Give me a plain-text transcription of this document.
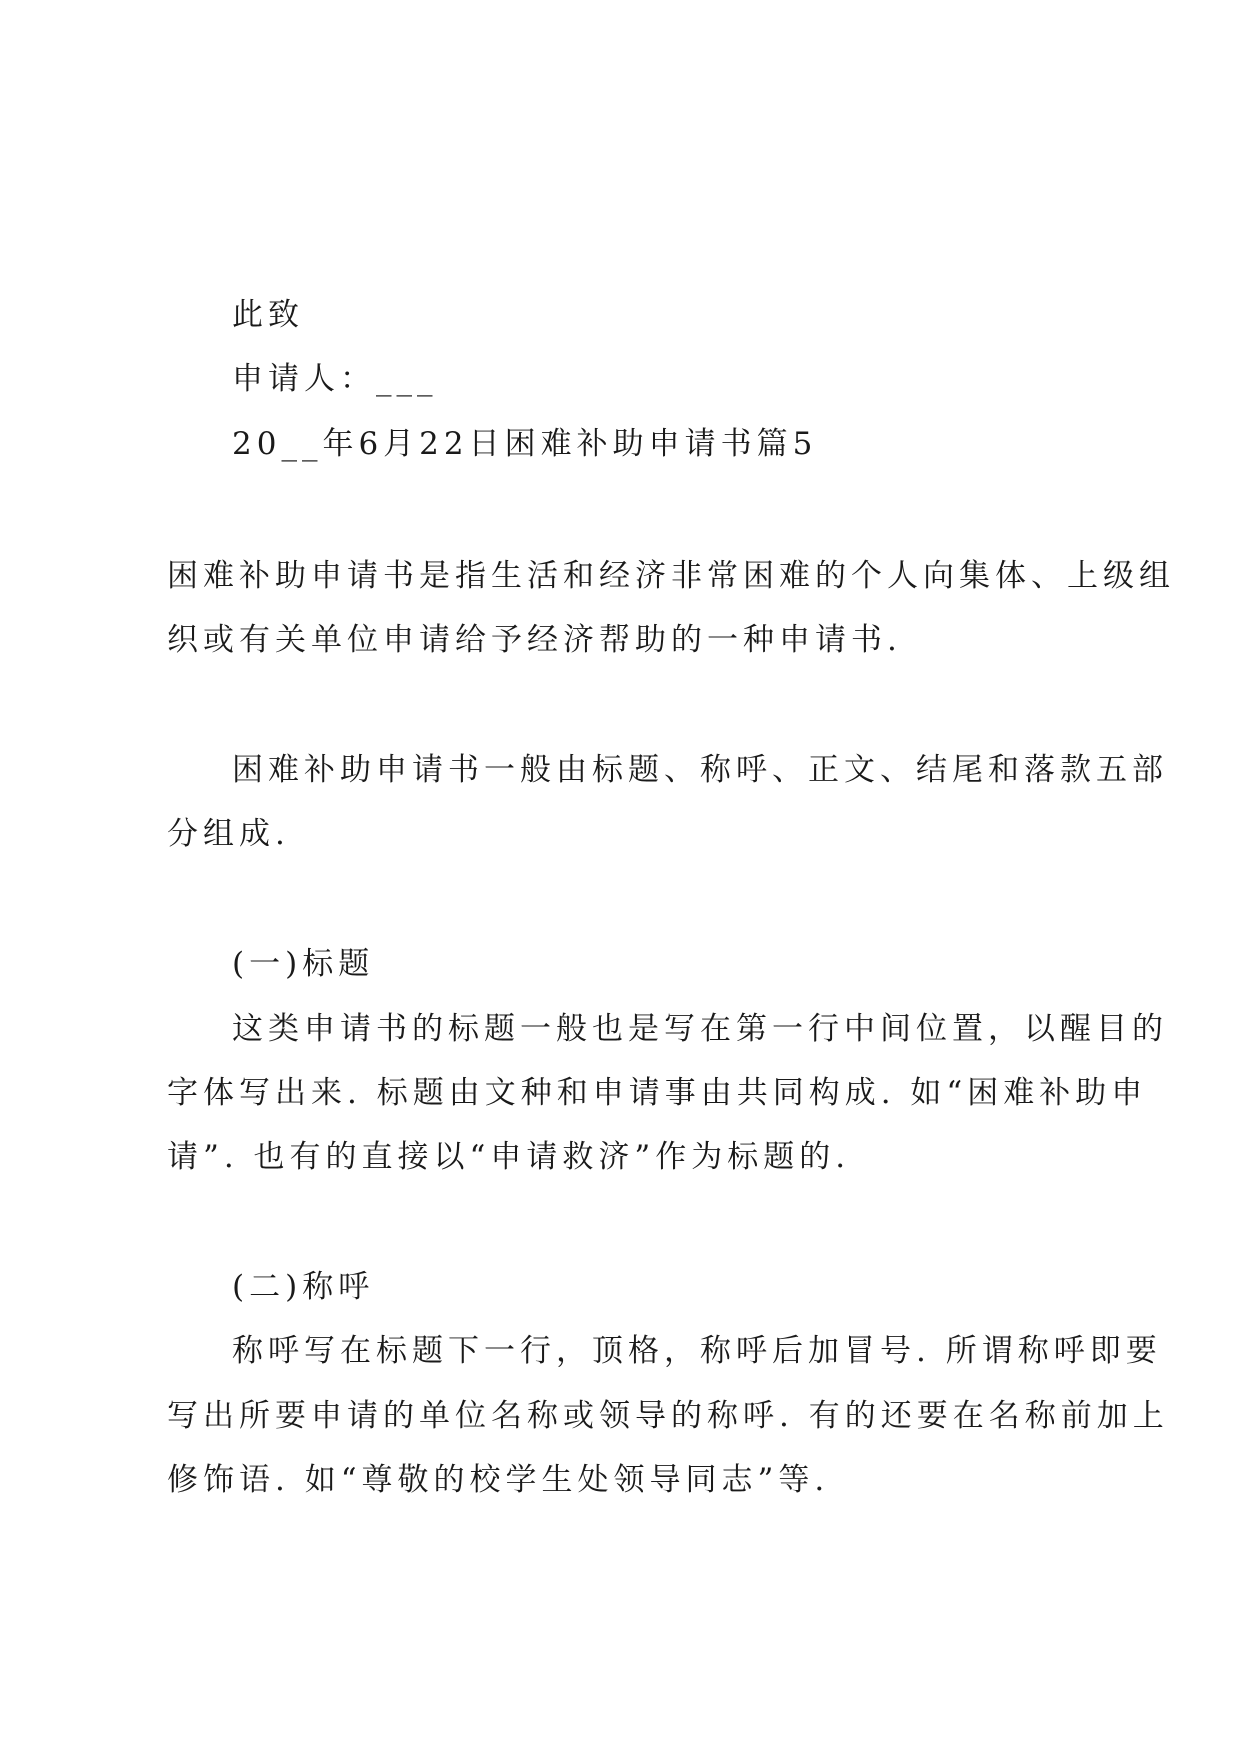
此致

申请人：___

20__年6月22日困难补助申请书篇5

困难补助申请书是指生活和经济非常困难的个人向集体、上级组

织或有关单位申请给予经济帮助的一种申请书.

困难补助申请书一般由标题、称呼、正文、结尾和落款五部

分组成.

(一)标题

这类申请书的标题一般也是写在第一行中间位置，以醒目的

字体写出来. 标题由文种和申请事由共同构成. 如“困难补助申

请”. 也有的直接以“申请救济”作为标题的.

(二)称呼

称呼写在标题下一行，顶格，称呼后加冒号. 所谓称呼即要

写出所要申请的单位名称或领导的称呼. 有的还要在名称前加上

修饰语. 如“尊敬的校学生处领导同志”等.
